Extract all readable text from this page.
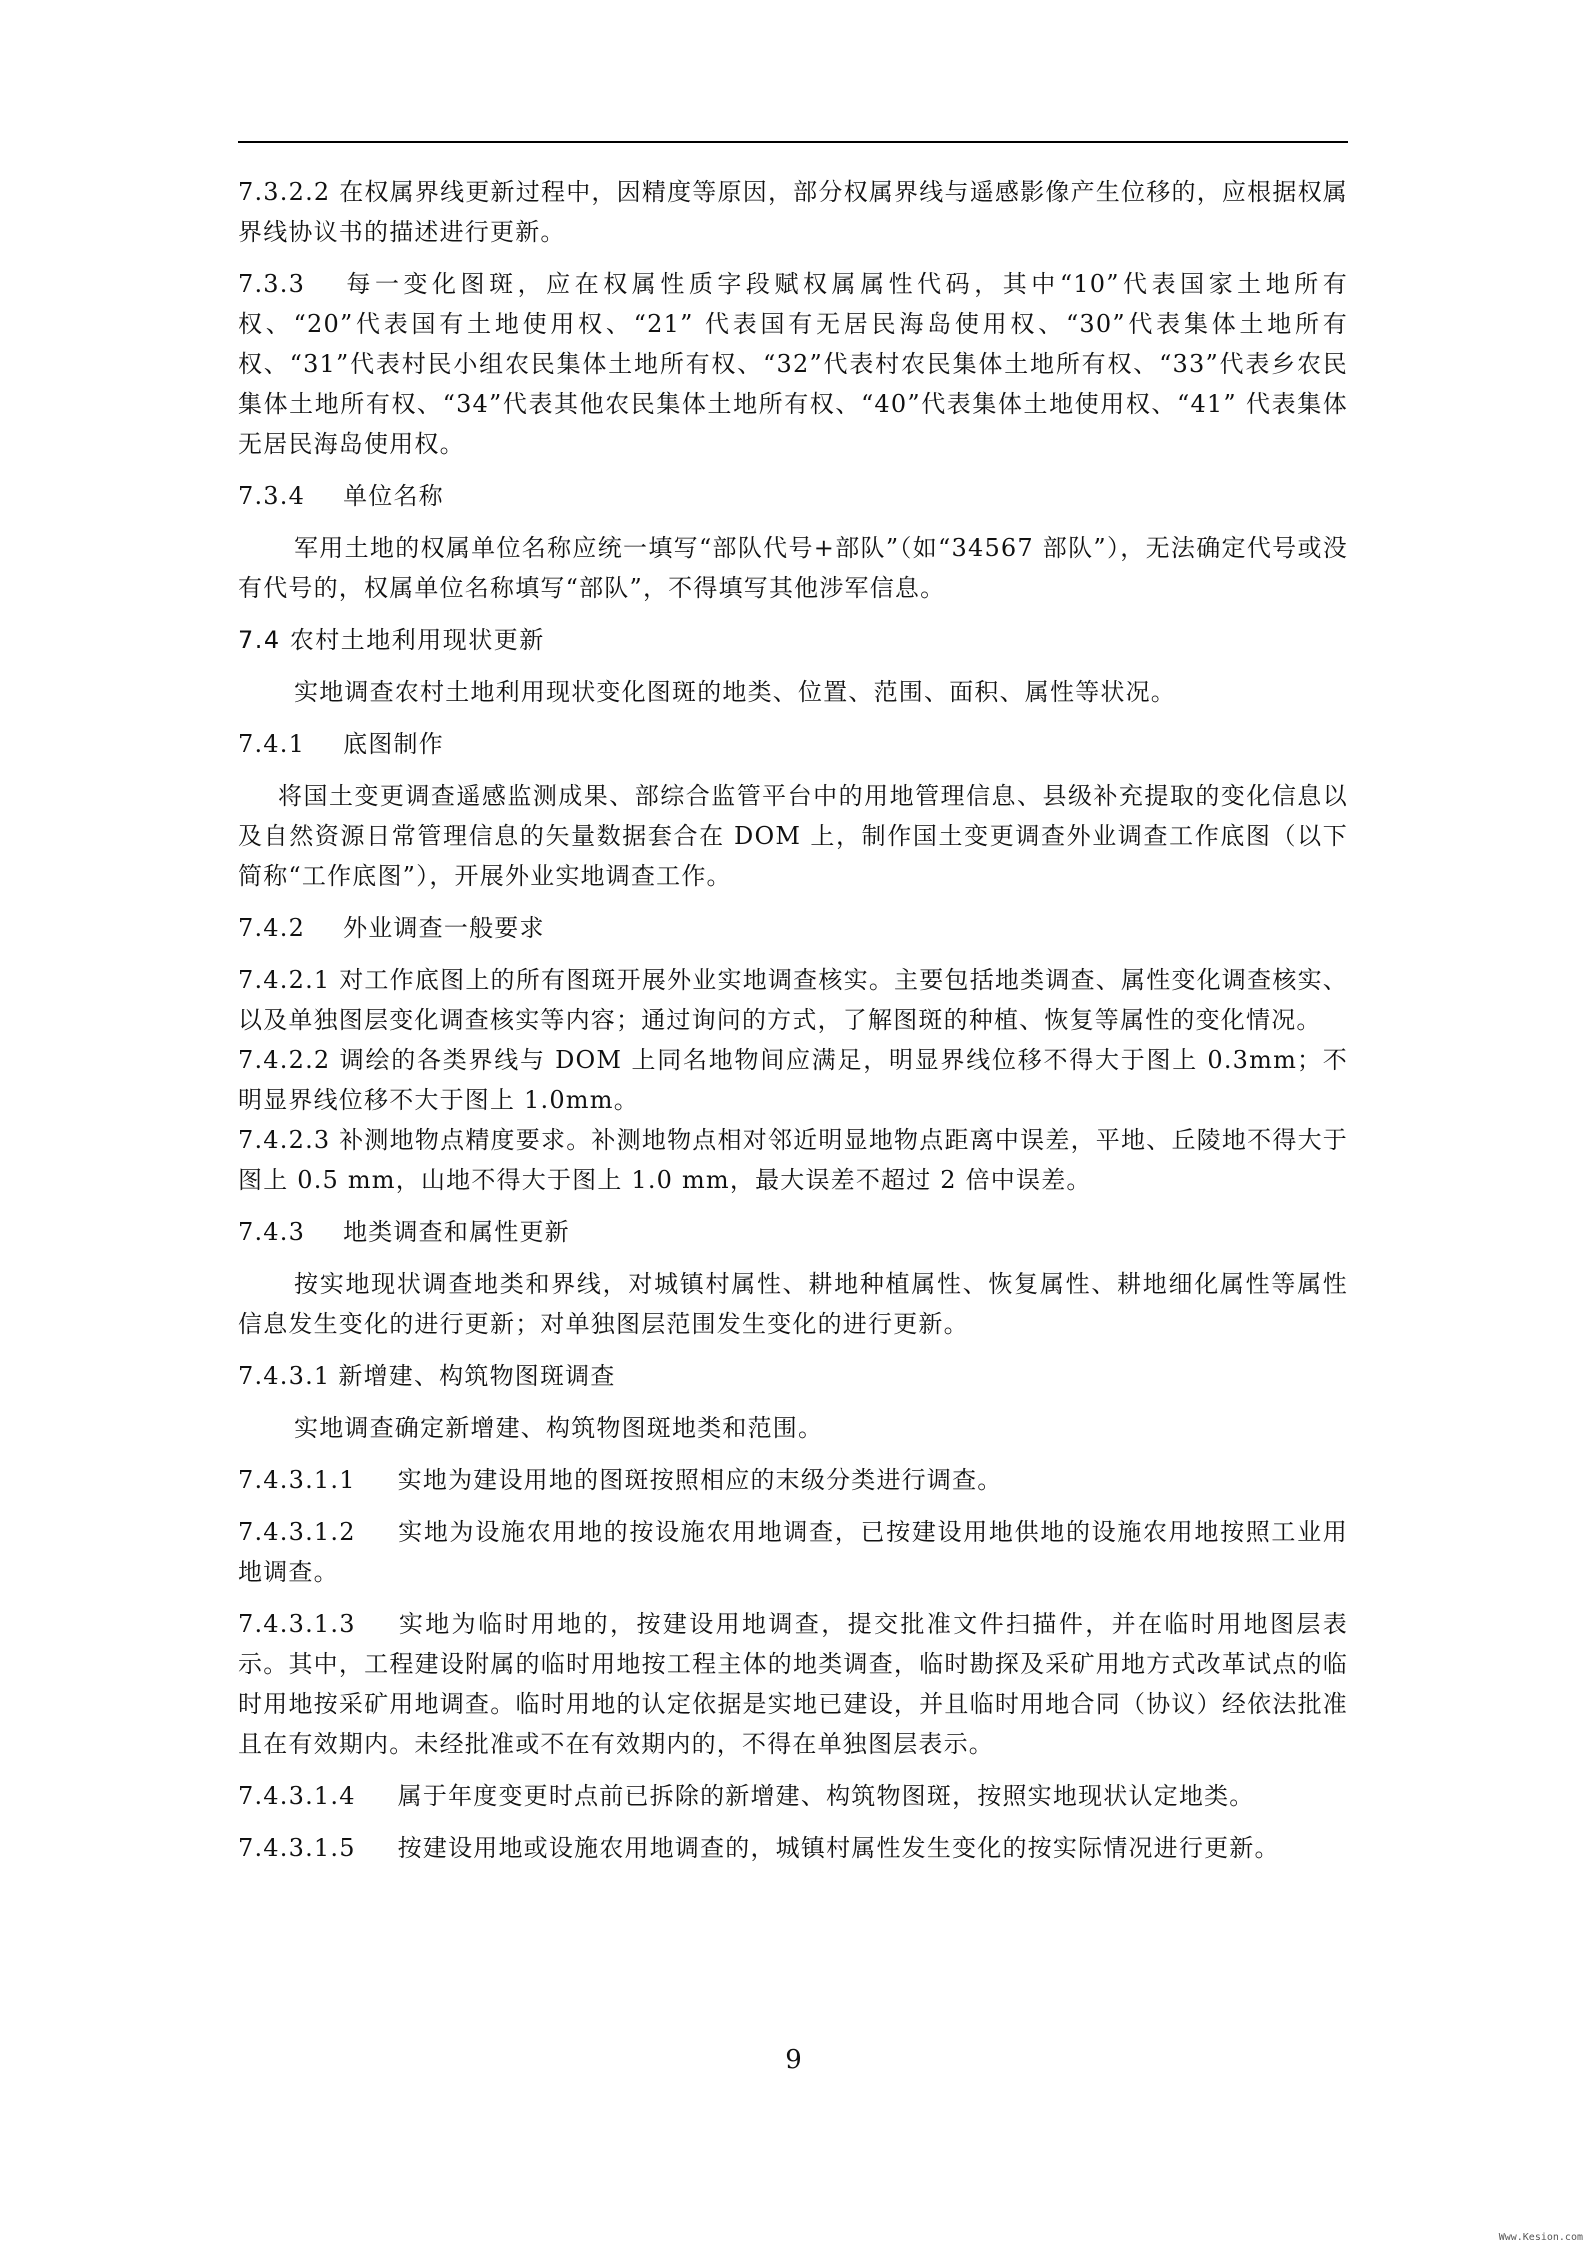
7.3.2.2 在权属界线更新过程中，因精度等原因，部分权属界线与遥感影像产生位移的，应根据权属界线协议书的描述进行更新。

7.3.3 每一变化图斑，应在权属性质字段赋权属属性代码，其中“10”代表国家土地所有权、“20”代表国有土地使用权、“21” 代表国有无居民海岛使用权、“30”代表集体土地所有权、“31”代表村民小组农民集体土地所有权、“32”代表村农民集体土地所有权、“33”代表乡农民集体土地所有权、“34”代表其他农民集体土地所有权、“40”代表集体土地使用权、“41” 代表集体无居民海岛使用权。

7.3.4 单位名称

军用土地的权属单位名称应统一填写“部队代号+部队”（如“34567 部队”），无法确定代号或没有代号的，权属单位名称填写“部队”，不得填写其他涉军信息。

7.4 农村土地利用现状更新

实地调查农村土地利用现状变化图斑的地类、位置、范围、面积、属性等状况。

7.4.1 底图制作

将国土变更调查遥感监测成果、部综合监管平台中的用地管理信息、县级补充提取的变化信息以及自然资源日常管理信息的矢量数据套合在 DOM 上，制作国土变更调查外业调查工作底图（以下简称“工作底图”），开展外业实地调查工作。

7.4.2 外业调查一般要求

7.4.2.1 对工作底图上的所有图斑开展外业实地调查核实。主要包括地类调查、属性变化调查核实、以及单独图层变化调查核实等内容；通过询问的方式，了解图斑的种植、恢复等属性的变化情况。

7.4.2.2 调绘的各类界线与 DOM 上同名地物间应满足，明显界线位移不得大于图上 0.3mm；不明显界线位移不大于图上 1.0mm。

7.4.2.3 补测地物点精度要求。补测地物点相对邻近明显地物点距离中误差，平地、丘陵地不得大于图上 0.5 mm，山地不得大于图上 1.0 mm，最大误差不超过 2 倍中误差。

7.4.3 地类调查和属性更新

按实地现状调查地类和界线，对城镇村属性、耕地种植属性、恢复属性、耕地细化属性等属性信息发生变化的进行更新；对单独图层范围发生变化的进行更新。

7.4.3.1 新增建、构筑物图斑调查

实地调查确定新增建、构筑物图斑地类和范围。

7.4.3.1.1 实地为建设用地的图斑按照相应的末级分类进行调查。

7.4.3.1.2 实地为设施农用地的按设施农用地调查，已按建设用地供地的设施农用地按照工业用地调查。

7.4.3.1.3 实地为临时用地的，按建设用地调查，提交批准文件扫描件，并在临时用地图层表示。其中，工程建设附属的临时用地按工程主体的地类调查，临时勘探及采矿用地方式改革试点的临时用地按采矿用地调查。临时用地的认定依据是实地已建设，并且临时用地合同（协议）经依法批准且在有效期内。未经批准或不在有效期内的，不得在单独图层表示。

7.4.3.1.4 属于年度变更时点前已拆除的新增建、构筑物图斑，按照实地现状认定地类。

7.4.3.1.5 按建设用地或设施农用地调查的，城镇村属性发生变化的按实际情况进行更新。

9
Www.Kesion.com
